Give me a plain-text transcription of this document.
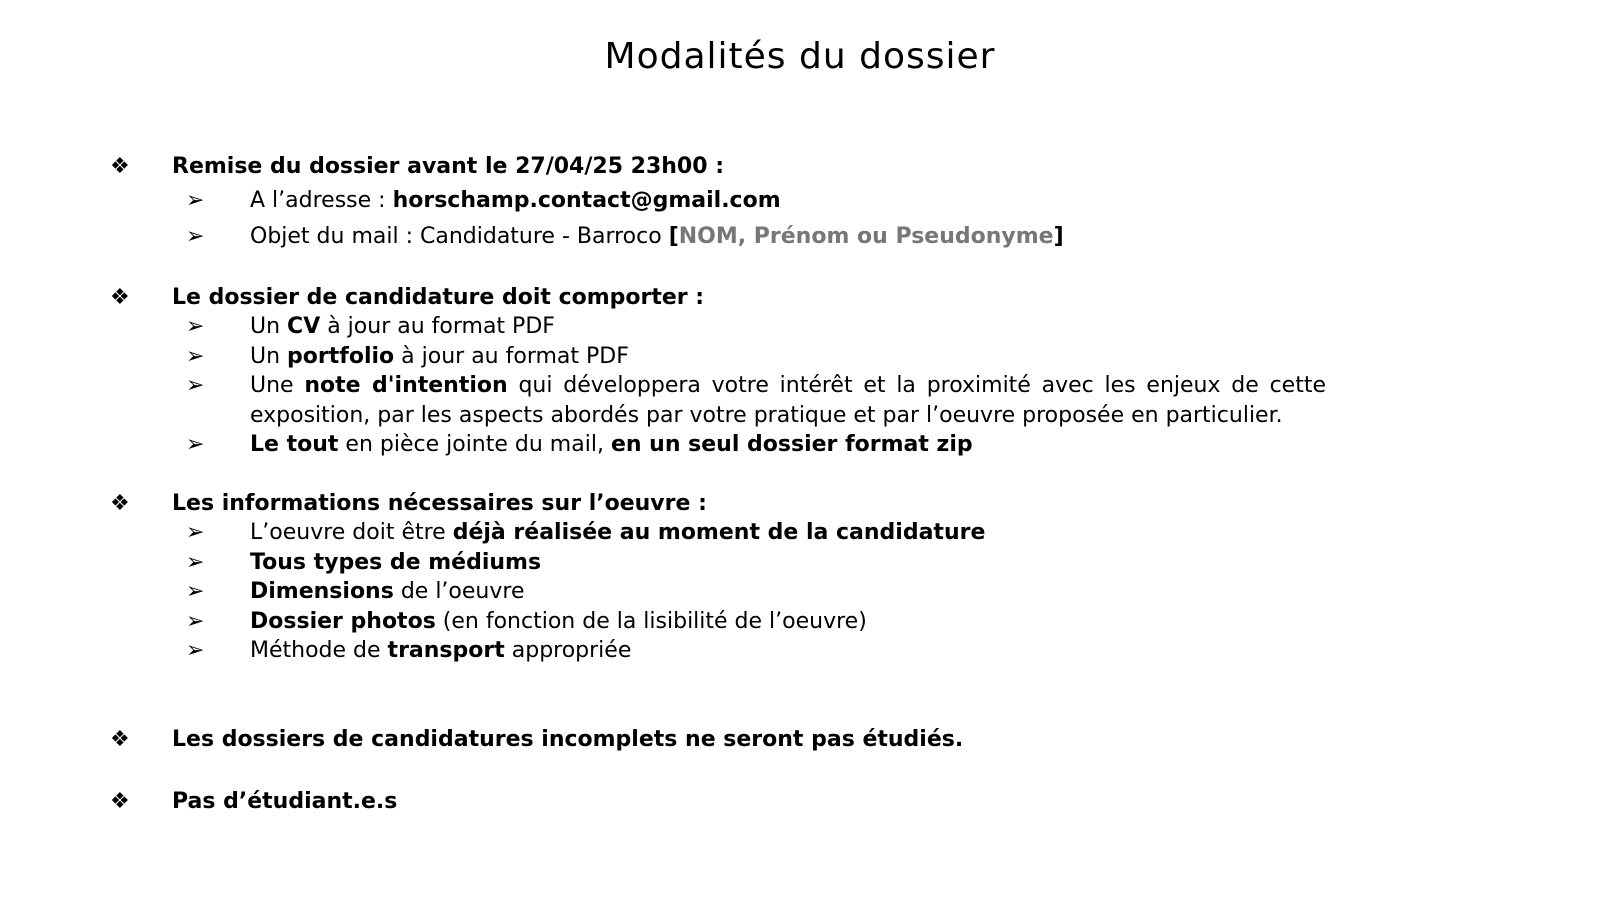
Modalités du dossier
❖	Remise du dossier avant le 27/04/25 23h00 :
➢ A l’adresse : horschamp.contact@gmail.com
➢ Objet du mail : Candidature - Barroco [NOM, Prénom ou Pseudonyme]
❖	Le dossier de candidature doit comporter :
➢ Un CV à jour au format PDF
➢ Un portfolio à jour au format PDF
➢ Une note d'intention qui développera votre intérêt et la proximité avec les enjeux de cette exposition, par les aspects abordés par votre pratique et par l’oeuvre proposée en particulier.
➢ Le tout en pièce jointe du mail, en un seul dossier format zip
❖	Les informations nécessaires sur l’oeuvre :
➢ L’oeuvre doit être déjà réalisée au moment de la candidature
➢ Tous types de médiums
➢ Dimensions de l’oeuvre
➢ Dossier photos (en fonction de la lisibilité de l’oeuvre)
➢ Méthode de transport appropriée
❖	Les dossiers de candidatures incomplets ne seront pas étudiés.
❖	Pas d’étudiant.e.s
